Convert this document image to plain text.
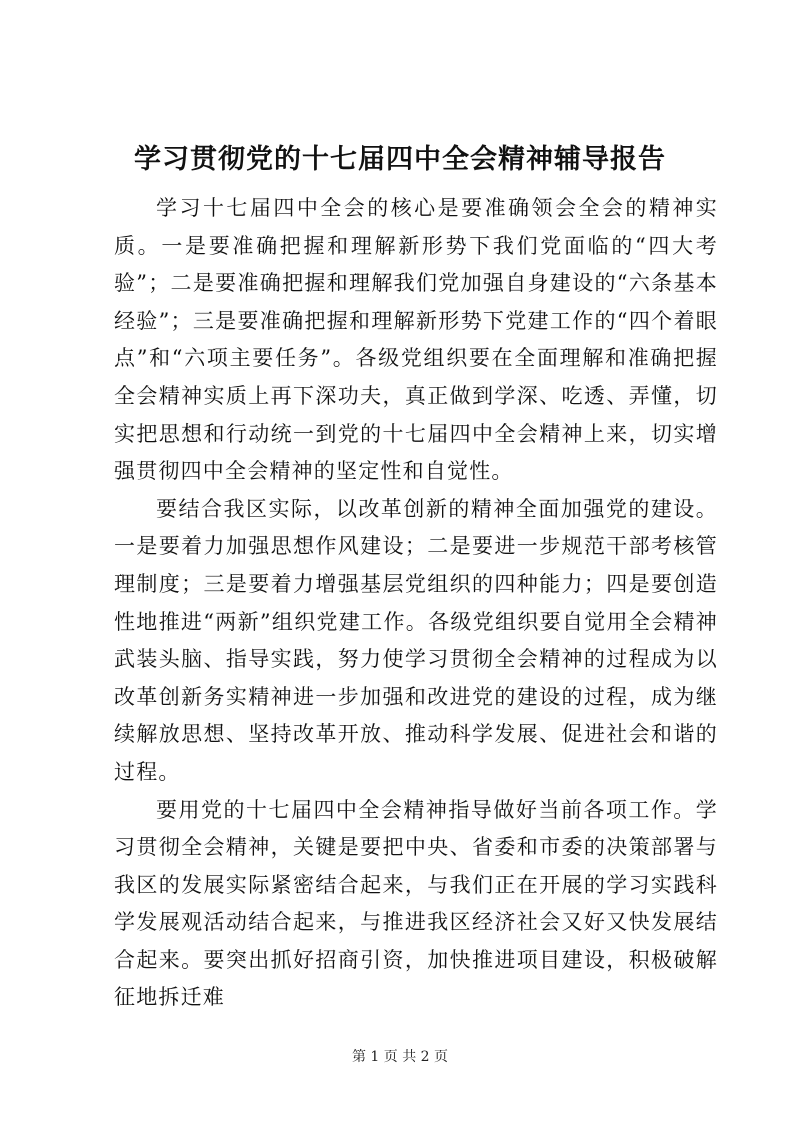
学习贯彻党的十七届四中全会精神辅导报告

学习十七届四中全会的核心是要准确领会全会的精神实质。一是要准确把握和理解新形势下我们党面临的“四大考验”；二是要准确把握和理解我们党加强自身建设的“六条基本经验”；三是要准确把握和理解新形势下党建工作的“四个着眼点”和“六项主要任务”。各级党组织要在全面理解和准确把握全会精神实质上再下深功夫，真正做到学深、吃透、弄懂，切实把思想和行动统一到党的十七届四中全会精神上来，切实增强贯彻四中全会精神的坚定性和自觉性。

要结合我区实际，以改革创新的精神全面加强党的建设。一是要着力加强思想作风建设；二是要进一步规范干部考核管理制度；三是要着力增强基层党组织的四种能力；四是要创造性地推进“两新”组织党建工作。各级党组织要自觉用全会精神武装头脑、指导实践，努力使学习贯彻全会精神的过程成为以改革创新务实精神进一步加强和改进党的建设的过程，成为继续解放思想、坚持改革开放、推动科学发展、促进社会和谐的过程。

要用党的十七届四中全会精神指导做好当前各项工作。学习贯彻全会精神，关键是要把中央、省委和市委的决策部署与我区的发展实际紧密结合起来，与我们正在开展的学习实践科学发展观活动结合起来，与推进我区经济社会又好又快发展结合起来。要突出抓好招商引资，加快推进项目建设，积极破解征地拆迁难

第 1 页 共 2 页
